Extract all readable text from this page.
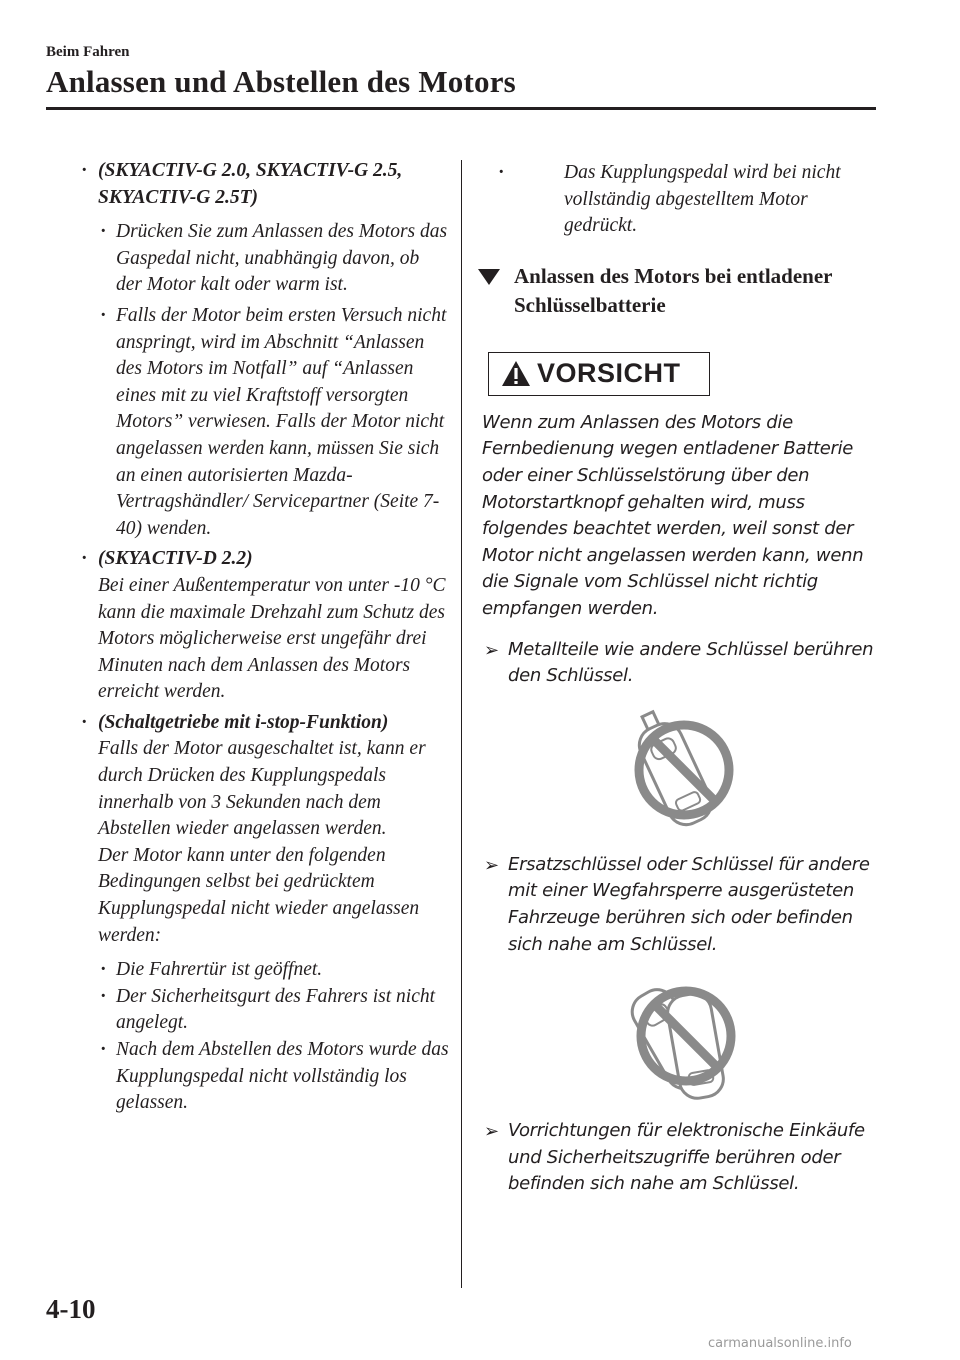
Beim Fahren
Anlassen und Abstellen des Motors
· (SKYACTIV-G 2.0, SKYACTIV-G 2.5, SKYACTIV-G 2.5T)
· Drücken Sie zum Anlassen des Motors das Gaspedal nicht, unabhängig davon, ob der Motor kalt oder warm ist.
· Falls der Motor beim ersten Versuch nicht anspringt, wird im Abschnitt “Anlassen des Motors im Notfall” auf “Anlassen eines mit zu viel Kraftstoff versorgten Motors” verwiesen. Falls der Motor nicht angelassen werden kann, müssen Sie sich an einen autorisierten Mazda-Vertragshändler/ Servicepartner (Seite 7-40) wenden.
· (SKYACTIV-D 2.2)
Bei einer Außentemperatur von unter -10 °C kann die maximale Drehzahl zum Schutz des Motors möglicherweise erst ungefähr drei Minuten nach dem Anlassen des Motors erreicht werden.
· (Schaltgetriebe mit i-stop-Funktion)
Falls der Motor ausgeschaltet ist, kann er durch Drücken des Kupplungspedals innerhalb von 3 Sekunden nach dem Abstellen wieder angelassen werden.
Der Motor kann unter den folgenden Bedingungen selbst bei gedrücktem Kupplungspedal nicht wieder angelassen werden:
· Die Fahrertür ist geöffnet.
· Der Sicherheitsgurt des Fahrers ist nicht angelegt.
· Nach dem Abstellen des Motors wurde das Kupplungspedal nicht vollständig los gelassen.
· Das Kupplungspedal wird bei nicht vollständig abgestelltem Motor gedrückt.
Anlassen des Motors bei entladener Schlüsselbatterie
VORSICHT
Wenn zum Anlassen des Motors die Fernbedienung wegen entladener Batterie oder einer Schlüsselstörung über den Motorstartknopf gehalten wird, muss folgendes beachtet werden, weil sonst der Motor nicht angelassen werden kann, wenn die Signale vom Schlüssel nicht richtig empfangen werden.
➢ Metallteile wie andere Schlüssel berühren den Schlüssel.
➢ Ersatzschlüssel oder Schlüssel für andere mit einer Wegfahrsperre ausgerüsteten Fahrzeuge berühren sich oder befinden sich nahe am Schlüssel.
➢ Vorrichtungen für elektronische Einkäufe und Sicherheitszugriffe berühren oder befinden sich nahe am Schlüssel.
4-10
carmanualsonline.info
